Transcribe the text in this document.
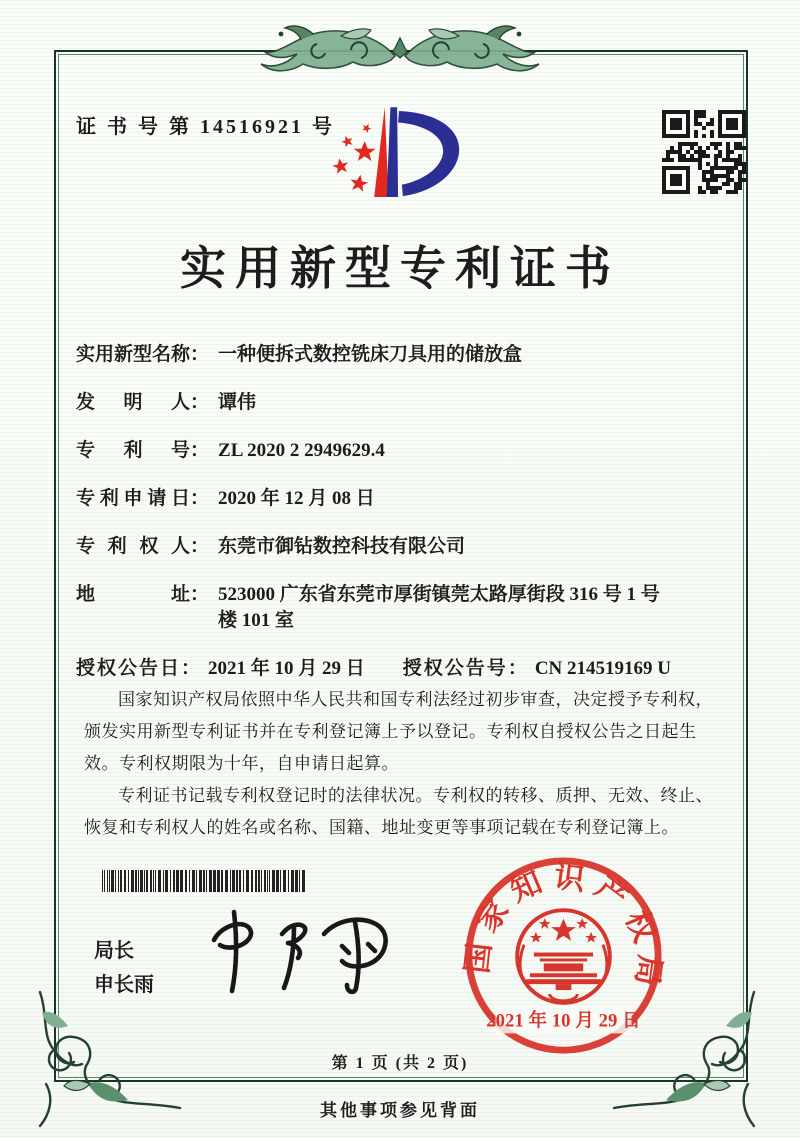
证 书 号 第 14516921 号
实用新型专利证书
实用新型名称 ： 一种便拆式数控铣床刀具用的储放盒
发明人 ： 谭伟
专利号 ： ZL 2020 2 2949629.4
专利申请日 ： 2020 年 12 月 08 日
专利权人 ： 东莞市御钻数控科技有限公司
地址 ： 523000 广东省东莞市厚街镇莞太路厚街段 316 号 1 号楼 101 室
授权公告日 ： 2021 年 10 月 29 日 授权公告号 ： CN 214519169 U

国家知识产权局依照中华人民共和国专利法经过初步审查，决定授予专利权，颁发实用新型专利证书并在专利登记簿上予以登记。专利权自授权公告之日起生效。专利权期限为十年，自申请日起算。

专利证书记载专利权登记时的法律状况。专利权的转移、质押、无效、终止、恢复和专利权人的姓名或名称、国籍、地址变更等事项记载在专利登记簿上。

局长
申长雨
国家知识产权局
2021 年 10 月 29 日
第 1 页 (共 2 页)
其他事项参见背面
